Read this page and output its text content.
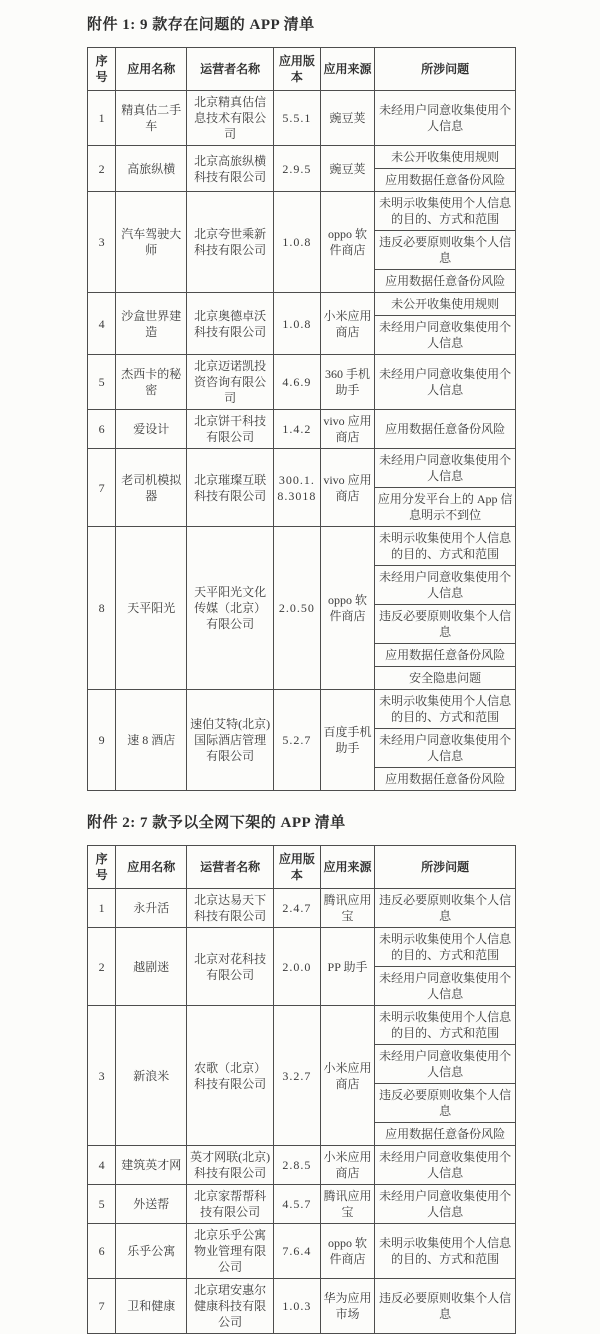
附件 1: 9 款存在问题的 APP 清单
序号	应用名称	运营者名称	应用版本	应用来源	所涉问题
1	精真估二手车	北京精真估信息技术有限公司	5.5.1	豌豆荚	未经用户同意收集使用个人信息
2	高旅纵横	北京高旅纵横科技有限公司	2.9.5	豌豆荚	未公开收集使用规则
					应用数据任意备份风险
3	汽车驾驶大师	北京夸世乘新科技有限公司	1.0.8	oppo 软件商店	未明示收集使用个人信息的目的、方式和范围
					违反必要原则收集个人信息
					应用数据任意备份风险
4	沙盒世界建造	北京奥德卓沃科技有限公司	1.0.8	小米应用商店	未公开收集使用规则
					未经用户同意收集使用个人信息
5	杰西卡的秘密	北京迈诺凯投资咨询有限公司	4.6.9	360 手机助手	未经用户同意收集使用个人信息
6	爱设计	北京饼干科技有限公司	1.4.2	vivo 应用商店	应用数据任意备份风险
7	老司机模拟器	北京璀璨互联科技有限公司	300.1.8.3018	vivo 应用商店	未经用户同意收集使用个人信息
					应用分发平台上的 App 信息明示不到位
8	天平阳光	天平阳光文化传媒（北京）有限公司	2.0.50	oppo 软件商店	未明示收集使用个人信息的目的、方式和范围
					未经用户同意收集使用个人信息
					违反必要原则收集个人信息
					应用数据任意备份风险
					安全隐患问题
9	速 8 酒店	速伯艾特(北京)国际酒店管理有限公司	5.2.7	百度手机助手	未明示收集使用个人信息的目的、方式和范围
					未经用户同意收集使用个人信息
					应用数据任意备份风险
附件 2: 7 款予以全网下架的 APP 清单
序号	应用名称	运营者名称	应用版本	应用来源	所涉问题
1	永升活	北京达易天下科技有限公司	2.4.7	腾讯应用宝	违反必要原则收集个人信息
2	越剧迷	北京对花科技有限公司	2.0.0	PP 助手	未明示收集使用个人信息的目的、方式和范围
					未经用户同意收集使用个人信息
3	新浪米	农歌（北京）科技有限公司	3.2.7	小米应用商店	未明示收集使用个人信息的目的、方式和范围
					未经用户同意收集使用个人信息
					违反必要原则收集个人信息
					应用数据任意备份风险
4	建筑英才网	英才网联(北京)科技有限公司	2.8.5	小米应用商店	未经用户同意收集使用个人信息
5	外送帮	北京家帮帮科技有限公司	4.5.7	腾讯应用宝	未经用户同意收集使用个人信息
6	乐乎公寓	北京乐乎公寓物业管理有限公司	7.6.4	oppo 软件商店	未明示收集使用个人信息的目的、方式和范围
7	卫和健康	北京珺安惠尔健康科技有限公司	1.0.3	华为应用市场	违反必要原则收集个人信息
